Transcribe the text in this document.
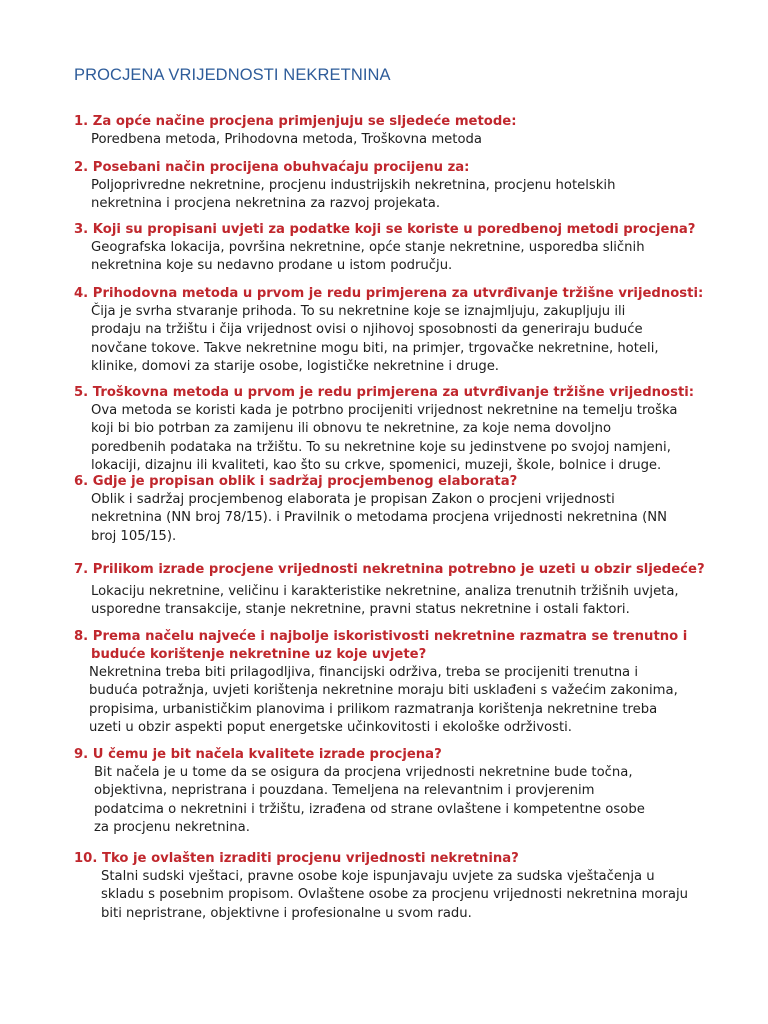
PROCJENA VRIJEDNOSTI NEKRETNINA
1. Za opće načine procjena primjenjuju se sljedeće metode:
Poredbena metoda, Prihodovna metoda, Troškovna metoda
2. Posebani način procijena obuhvaćaju procijenu za:
Poljoprivredne nekretnine, procjenu industrijskih nekretnina, procjenu hotelskih
nekretnina i procjena nekretnina za razvoj projekata.
3. Koji su propisani uvjeti za podatke koji se koriste u poredbenoj metodi procjena?
Geografska lokacija, površina nekretnine, opće stanje nekretnine, usporedba sličnih
nekretnina koje su nedavno prodane u istom području.
4. Prihodovna metoda u prvom je redu primjerena za utvrđivanje tržišne vrijednosti:
Čija je svrha stvaranje prihoda. To su nekretnine koje se iznajmljuju, zakupljuju ili
prodaju na tržištu i čija vrijednost ovisi o njihovoj sposobnosti da generiraju buduće
novčane tokove. Takve nekretnine mogu biti, na primjer, trgovačke nekretnine, hoteli,
klinike, domovi za starije osobe, logističke nekretnine i druge.
5. Troškovna metoda u prvom je redu primjerena za utvrđivanje tržišne vrijednosti:
Ova metoda se koristi kada je potrbno procijeniti vrijednost nekretnine na temelju troška
koji bi bio potrban za zamijenu ili obnovu te nekretnine, za koje nema dovoljno
poredbenih podataka na tržištu. To su nekretnine koje su jedinstvene po svojoj namjeni,
lokaciji, dizajnu ili kvaliteti, kao što su crkve, spomenici, muzeji, škole, bolnice i druge.
6. Gdje je propisan oblik i sadržaj procjembenog elaborata?
Oblik i sadržaj procjembenog elaborata je propisan Zakon o procjeni vrijednosti
nekretnina (NN broj 78/15). i Pravilnik o metodama procjena vrijednosti nekretnina (NN
broj 105/15).
7. Prilikom izrade procjene vrijednosti nekretnina potrebno je uzeti u obzir sljedeće?
Lokaciju nekretnine, veličinu i karakteristike nekretnine, analiza trenutnih tržišnih uvjeta,
usporedne transakcije, stanje nekretnine, pravni status nekretnine i ostali faktori.
8. Prema načelu najveće i najbolje iskoristivosti nekretnine razmatra se trenutno i
buduće korištenje nekretnine uz koje uvjete?
Nekretnina treba biti prilagodljiva, financijski održiva, treba se procijeniti trenutna i
buduća potražnja, uvjeti korištenja nekretnine moraju biti usklađeni s važećim zakonima,
propisima, urbanističkim planovima i prilikom razmatranja korištenja nekretnine treba
uzeti u obzir aspekti poput energetske učinkovitosti i ekološke održivosti.
9. U čemu je bit načela kvalitete izrade procjena?
Bit načela je u tome da se osigura da procjena vrijednosti nekretnine bude točna,
objektivna, nepristrana i pouzdana. Temeljena na relevantnim i provjerenim
podatcima o nekretnini i tržištu, izrađena od strane ovlaštene i kompetentne osobe
za procjenu nekretnina.
10. Tko je ovlašten izraditi procjenu vrijednosti nekretnina?
Stalni sudski vještaci, pravne osobe koje ispunjavaju uvjete za sudska vještačenja u
skladu s posebnim propisom. Ovlaštene osobe za procjenu vrijednosti nekretnina moraju
biti nepristrane, objektivne i profesionalne u svom radu.
